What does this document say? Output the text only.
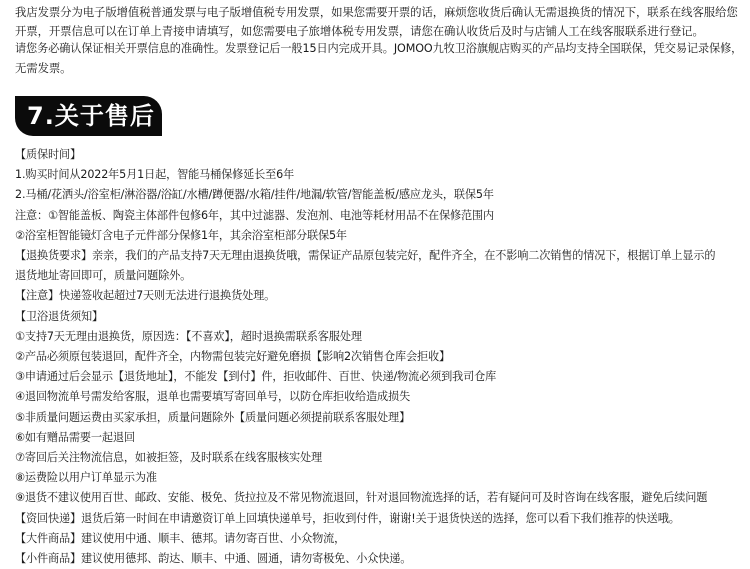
我店发票分为电子版增值税普通发票与电子版增值税专用发票，如果您需要开票的话，麻烦您收货后确认无需退换货的情况下，联系在线客服给您

开票，开票信息可以在订单上青接申请填写，如您需要电子旅增体税专用发票，请您在确认收货后及时与店铺人工在线客服联系进行登记。

请您务必确认保证相关开票信息的准确性。发票登记后一般15日内完成开具。JOMOO九牧卫浴旗舰店购买的产品均支持全国联保，凭交易记录保修，

无需发票。

7.关于售后

【质保时间】

1.购买时间从2022年5月1日起，智能马桶保修延长至6年

2.马桶/花洒头/浴室柜/淋浴器/浴缸/水槽/蹲便器/水箱/挂件/地漏/软管/智能盖板/感应龙头，联保5年

注意：①智能盖板、陶瓷主体部件包修6年，其中过滤器、发泡剂、电池等耗材用品不在保修范围内

②浴室柜智能镜灯含电子元件部分保修1年，其余浴室柜部分联保5年

【退换货要求】亲亲，我们的产品支持7天无理由退换货哦，需保证产品原包装完好，配件齐全，在不影响二次销售的情况下，根据订单上显示的

退货地址寄回即可，质量问题除外。

【注意】快递签收起超过7天则无法进行退换货处理。

【卫浴退货须知】

①支持7天无理由退换货，原因选：【不喜欢】，超时退换需联系客服处理

②产品必须原包装退回，配件齐全，内物需包装完好避免磨损【影响2次销售仓库会拒收】

③申请通过后会显示【退货地址】，不能发【到付】件，拒收邮件、百世、快递/物流必须到我司仓库

④退回物流单号需发给客服，退单也需要填写寄回单号，以防仓库拒收给造成损失

⑤非质量问题运费由买家承担，质量问题除外【质量问题必须提前联系客服处理】

⑥如有赠品需要一起退回

⑦寄回后关注物流信息，如被拒签，及时联系在线客服核实处理

⑧运费险以用户订单显示为准

⑨退货不建议使用百世、邮政、安能、极免、货拉拉及不常见物流退回，针对退回物流选择的话，若有疑问可及时咨询在线客服，避免后续问题

【资回快递】退货后第一时间在申请邀资订单上回填快递单号，拒收到付件，谢谢!关于退货快送的选择，您可以看下我们推荐的快送哦。

【大件商品】建议使用中通、顺丰、德邦。请勿寄百世、小众物流，

【小件商品】建议使用德邦、韵达、顺丰、中通、圆通，请勿寄极免、小众快递。
